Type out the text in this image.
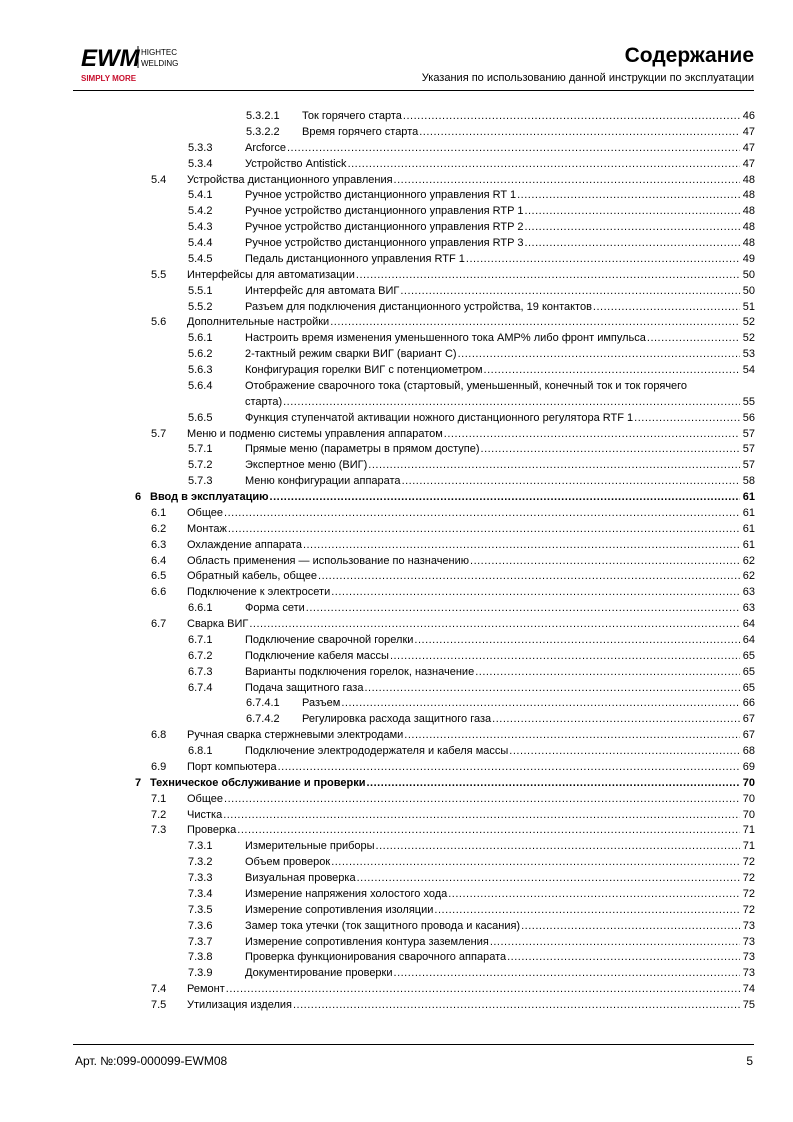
EWM HIGHTEC
WELDING
SIMPLY MORE
Содержание
Указания по использованию данной инструкции по эксплуатации
5.3.2.1 Ток горячего старта .....	46
5.3.2.2 Время горячего старта .....	47
5.3.3	Arcforce .....	47
5.3.4	Устройство Antistick .....	47
5.4 Устройства дистанционного управления .....	48
5.4.1	Ручное устройство дистанционного управления RT 1 .....	48
5.4.2	Ручное устройство дистанционного управления RTP 1 .....	48
5.4.3	Ручное устройство дистанционного управления RTP 2 .....	48
5.4.4	Ручное устройство дистанционного управления RTP 3 .....	48
5.4.5	Педаль дистанционного управления RTF 1 .....	49
5.5 Интерфейсы для автоматизации .....	50
5.5.1	Интерфейс для автомата ВИГ .....	50
5.5.2	Разъем для подключения дистанционного устройства, 19 контактов .....	51
5.6 Дополнительные настройки .....	52
5.6.1	Настроить время изменения уменьшенного тока AMP% либо фронт импульса .....	52
5.6.2	2-тактный режим сварки ВИГ (вариант С) .....	53
5.6.3	Конфигурация горелки ВИГ с потенциометром .....	54
5.6.4	Отображение сварочного тока (стартовый, уменьшенный, конечный ток и ток горячего
старта) .....	55
5.6.5	Функция ступенчатой активации ножного дистанционного регулятора RTF 1 .....	56
5.7 Меню и подменю системы управления аппаратом .....	57
5.7.1	Прямые меню (параметры в прямом доступе) .....	57
5.7.2	Экспертное меню (ВИГ) .....	57
5.7.3	Меню конфигурации аппарата .....	58
6 Ввод в эксплуатацию .....	61
6.1 Общее .....	61
6.2 Монтаж .....	61
6.3 Охлаждение аппарата .....	61
6.4 Область применения — использование по назначению .....	62
6.5 Обратный кабель, общее .....	62
6.6 Подключение к электросети .....	63
6.6.1	Форма сети .....	63
6.7 Сварка ВИГ .....	64
6.7.1	Подключение сварочной горелки .....	64
6.7.2	Подключение кабеля массы .....	65
6.7.3	Варианты подключения горелок, назначение .....	65
6.7.4	Подача защитного газа .....	65
6.7.4.1 Разъем .....	66
6.7.4.2 Регулировка расхода защитного газа .....	67
6.8 Ручная сварка стержневыми электродами .....	67
6.8.1	Подключение электрододержателя и кабеля массы .....	68
6.9 Порт компьютера .....	69
7 Техническое обслуживание и проверки .....	70
7.1 Общее .....	70
7.2 Чистка .....	70
7.3 Проверка .....	71
7.3.1	Измерительные приборы .....	71
7.3.2	Объем проверок .....	72
7.3.3	Визуальная проверка .....	72
7.3.4	Измерение напряжения холостого хода .....	72
7.3.5	Измерение сопротивления изоляции .....	72
7.3.6	Замер тока утечки (ток защитного провода и касания) .....	73
7.3.7	Измерение сопротивления контура заземления .....	73
7.3.8	Проверка функционирования сварочного аппарата .....	73
7.3.9	Документирование проверки .....	73
7.4 Ремонт .....	74
7.5 Утилизация изделия .....	75
Арт. №:099-000099-EWM08	5
